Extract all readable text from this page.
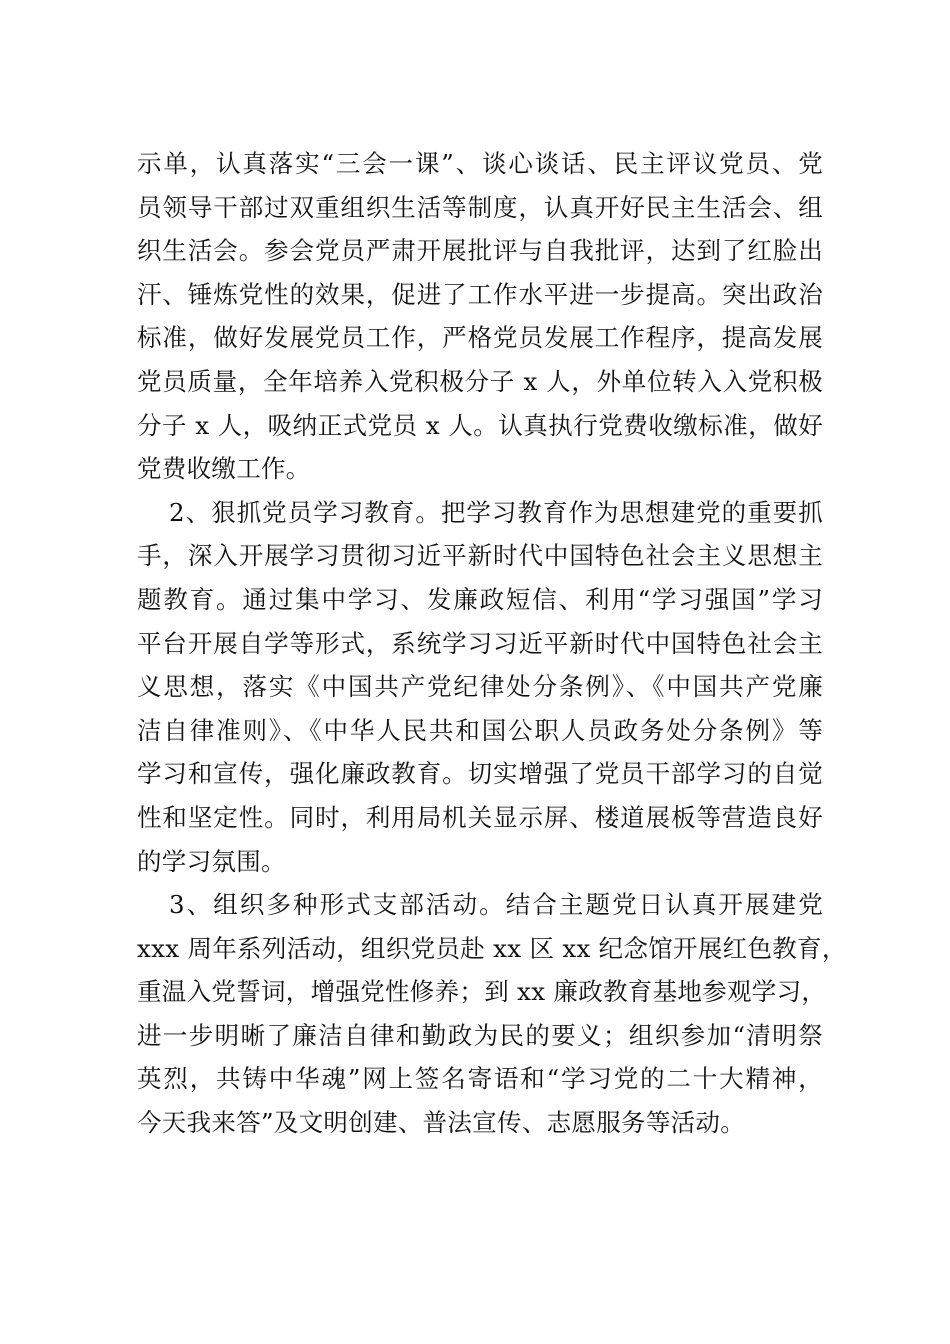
示单，认真落实“三会一课”、谈心谈话、民主评议党员、党
员领导干部过双重组织生活等制度，认真开好民主生活会、组
织生活会。参会党员严肃开展批评与自我批评，达到了红脸出
汗、锤炼党性的效果，促进了工作水平进一步提高。突出政治
标准，做好发展党员工作，严格党员发展工作程序，提高发展
党员质量，全年培养入党积极分子 x 人，外单位转入入党积极
分子 x 人，吸纳正式党员 x 人。认真执行党费收缴标准，做好
党费收缴工作。
2、狠抓党员学习教育。把学习教育作为思想建党的重要抓
手，深入开展学习贯彻习近平新时代中国特色社会主义思想主
题教育。通过集中学习、发廉政短信、利用“学习强国”学习
平台开展自学等形式，系统学习习近平新时代中国特色社会主
义思想，落实《中国共产党纪律处分条例》、《中国共产党廉
洁自律准则》、《中华人民共和国公职人员政务处分条例》等
学习和宣传，强化廉政教育。切实增强了党员干部学习的自觉
性和坚定性。同时，利用局机关显示屏、楼道展板等营造良好
的学习氛围。
3、组织多种形式支部活动。结合主题党日认真开展建党
xxx 周年系列活动，组织党员赴 xx 区 xx 纪念馆开展红色教育，
重温入党誓词，增强党性修养；到 xx 廉政教育基地参观学习，
进一步明晰了廉洁自律和勤政为民的要义；组织参加“清明祭
英烈，共铸中华魂”网上签名寄语和“学习党的二十大精神，
今天我来答”及文明创建、普法宣传、志愿服务等活动。
